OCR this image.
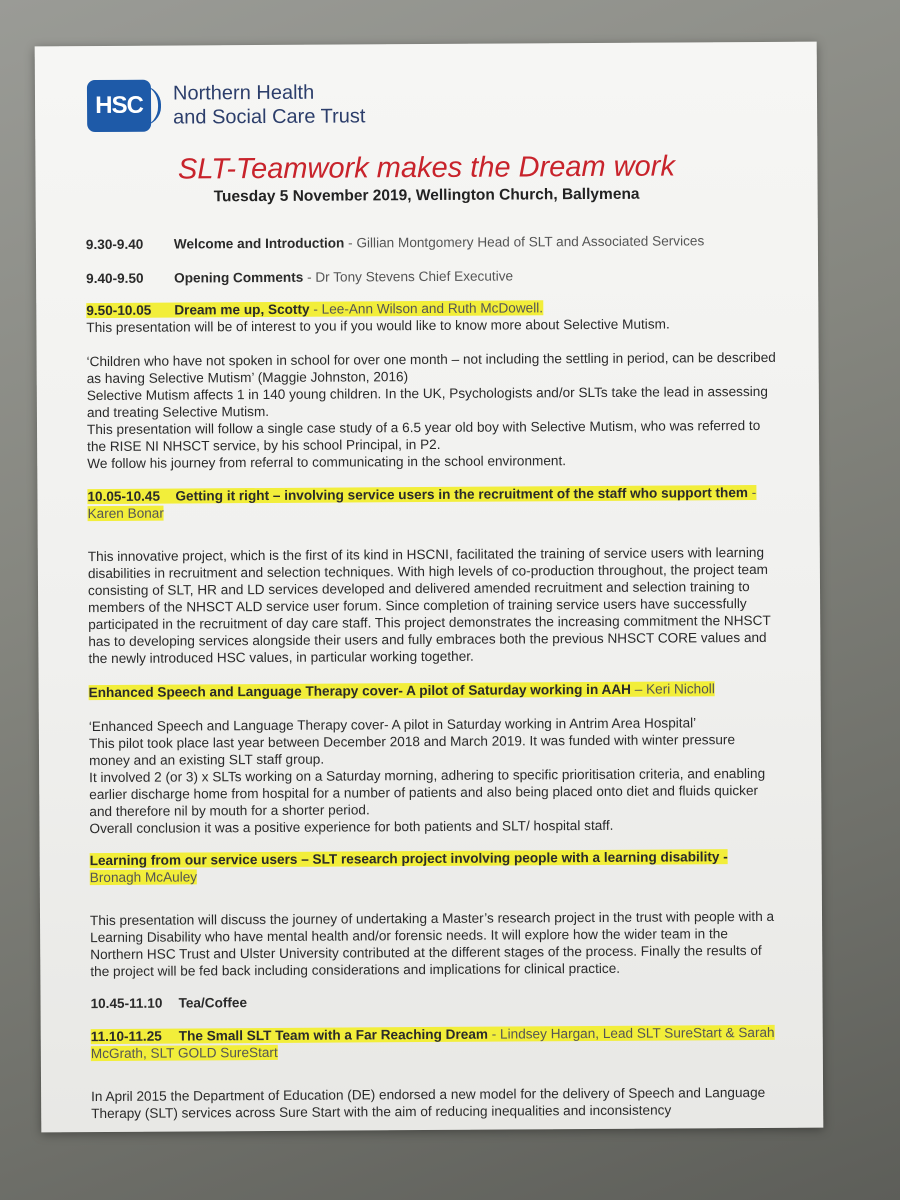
HSC Northern Health
and Social Care Trust
SLT-Teamwork makes the Dream work
Tuesday 5 November 2019, Wellington Church, Ballymena

9.30-9.40 Welcome and Introduction - Gillian Montgomery Head of SLT and Associated Services

9.40-9.50 Opening Comments - Dr Tony Stevens Chief Executive

9.50-10.05 Dream me up, Scotty - Lee-Ann Wilson and Ruth McDowell.

This presentation will be of interest to you if you would like to know more about Selective Mutism.

‘Children who have not spoken in school for over one month – not including the settling in period, can be described as having Selective Mutism’ (Maggie Johnston, 2016)

Selective Mutism affects 1 in 140 young children. In the UK, Psychologists and/or SLTs take the lead in assessing and treating Selective Mutism.

This presentation will follow a single case study of a 6.5 year old boy with Selective Mutism, who was referred to the RISE NI NHSCT service, by his school Principal, in P2.

We follow his journey from referral to communicating in the school environment.

10.05-10.45 Getting it right – involving service users in the recruitment of the staff who support them - Karen Bonar

This innovative project, which is the first of its kind in HSCNI, facilitated the training of service users with learning disabilities in recruitment and selection techniques. With high levels of co-production throughout, the project team consisting of SLT, HR and LD services developed and delivered amended recruitment and selection training to members of the NHSCT ALD service user forum. Since completion of training service users have successfully participated in the recruitment of day care staff. This project demonstrates the increasing commitment the NHSCT has to developing services alongside their users and fully embraces both the previous NHSCT CORE values and the newly introduced HSC values, in particular working together.

Enhanced Speech and Language Therapy cover- A pilot of Saturday working in AAH – Keri Nicholl

‘Enhanced Speech and Language Therapy cover- A pilot in Saturday working in Antrim Area Hospital’

This pilot took place last year between December 2018 and March 2019. It was funded with winter pressure money and an existing SLT staff group.

It involved 2 (or 3) x SLTs working on a Saturday morning, adhering to specific prioritisation criteria, and enabling earlier discharge home from hospital for a number of patients and also being placed onto diet and fluids quicker and therefore nil by mouth for a shorter period.

Overall conclusion it was a positive experience for both patients and SLT/ hospital staff.

Learning from our service users – SLT research project involving people with a learning disability - Bronagh McAuley

This presentation will discuss the journey of undertaking a Master’s research project in the trust with people with a Learning Disability who have mental health and/or forensic needs. It will explore how the wider team in the Northern HSC Trust and Ulster University contributed at the different stages of the process. Finally the results of the project will be fed back including considerations and implications for clinical practice.

10.45-11.10 Tea/Coffee

11.10-11.25 The Small SLT Team with a Far Reaching Dream - Lindsey Hargan, Lead SLT SureStart & Sarah McGrath, SLT GOLD SureStart

In April 2015 the Department of Education (DE) endorsed a new model for the delivery of Speech and Language Therapy (SLT) services across Sure Start with the aim of reducing inequalities and inconsistency
